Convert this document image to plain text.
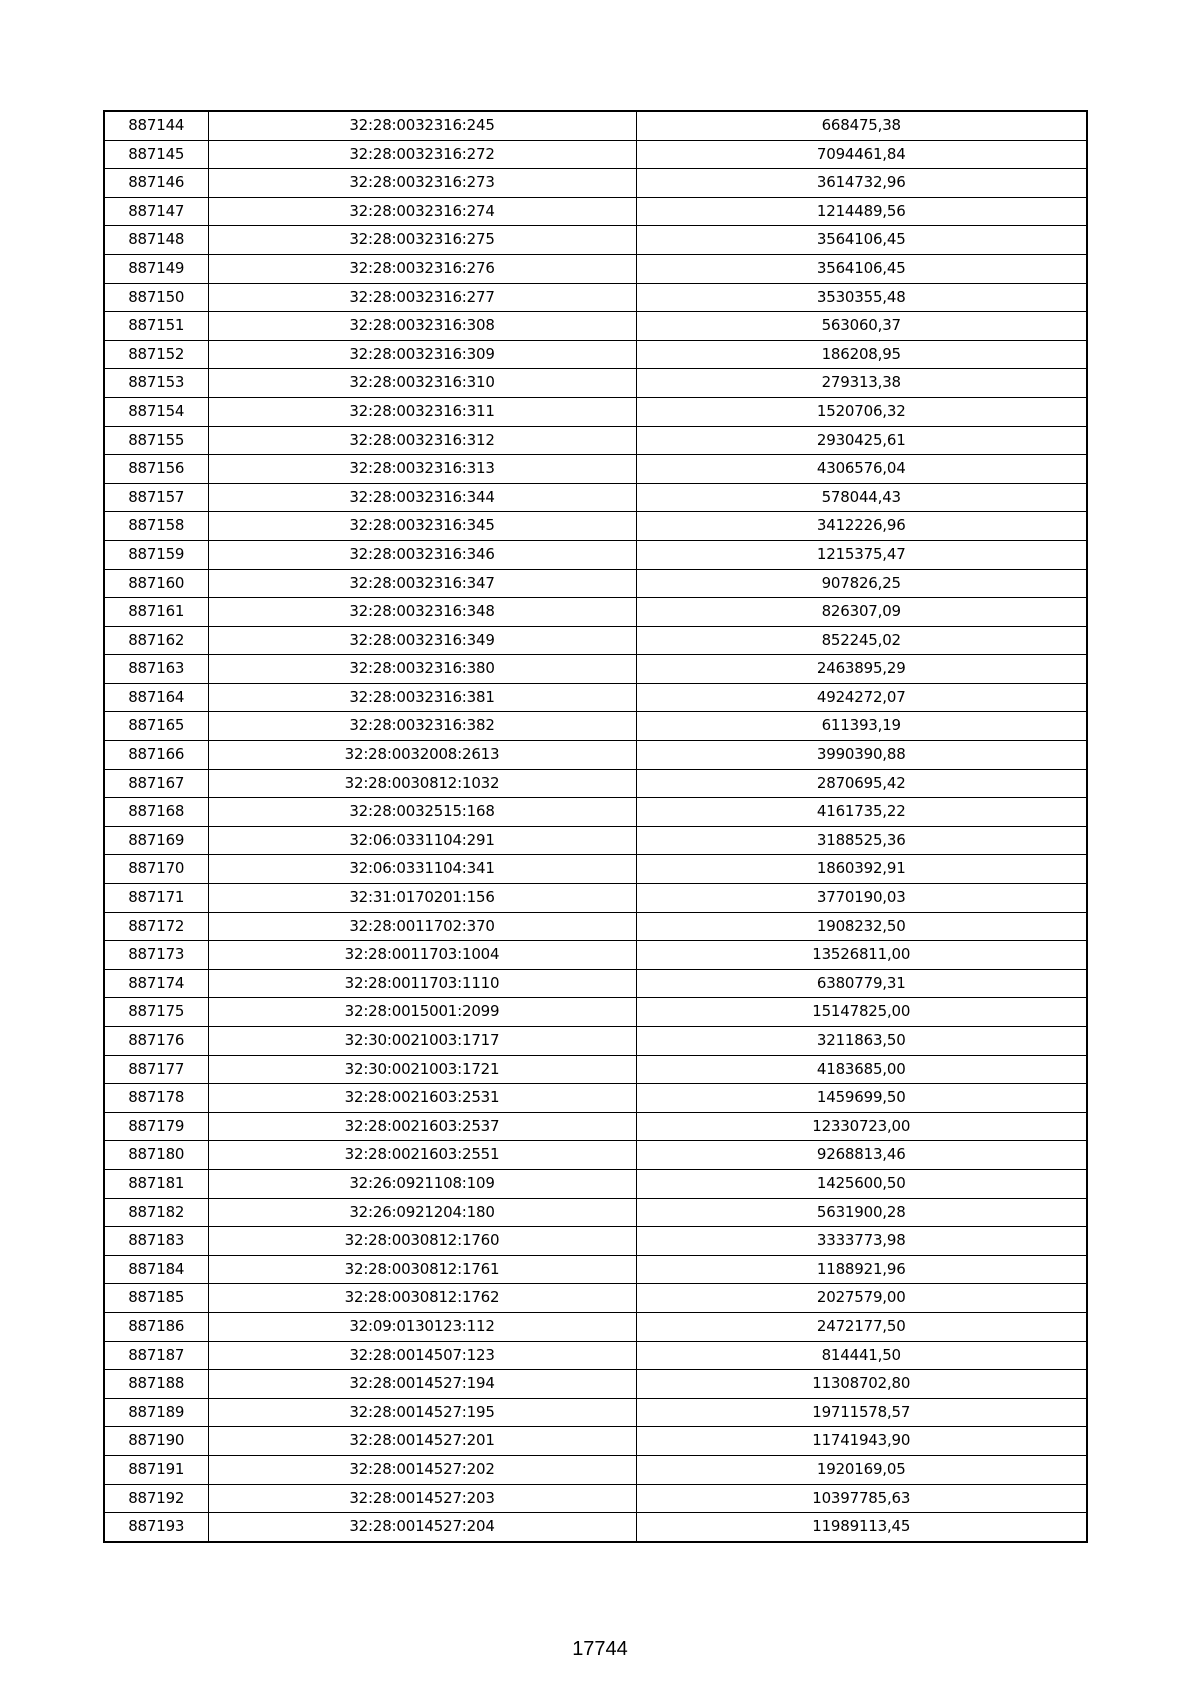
887144	32:28:0032316:245	668475,38
887145	32:28:0032316:272	7094461,84
887146	32:28:0032316:273	3614732,96
887147	32:28:0032316:274	1214489,56
887148	32:28:0032316:275	3564106,45
887149	32:28:0032316:276	3564106,45
887150	32:28:0032316:277	3530355,48
887151	32:28:0032316:308	563060,37
887152	32:28:0032316:309	186208,95
887153	32:28:0032316:310	279313,38
887154	32:28:0032316:311	1520706,32
887155	32:28:0032316:312	2930425,61
887156	32:28:0032316:313	4306576,04
887157	32:28:0032316:344	578044,43
887158	32:28:0032316:345	3412226,96
887159	32:28:0032316:346	1215375,47
887160	32:28:0032316:347	907826,25
887161	32:28:0032316:348	826307,09
887162	32:28:0032316:349	852245,02
887163	32:28:0032316:380	2463895,29
887164	32:28:0032316:381	4924272,07
887165	32:28:0032316:382	611393,19
887166	32:28:0032008:2613	3990390,88
887167	32:28:0030812:1032	2870695,42
887168	32:28:0032515:168	4161735,22
887169	32:06:0331104:291	3188525,36
887170	32:06:0331104:341	1860392,91
887171	32:31:0170201:156	3770190,03
887172	32:28:0011702:370	1908232,50
887173	32:28:0011703:1004	13526811,00
887174	32:28:0011703:1110	6380779,31
887175	32:28:0015001:2099	15147825,00
887176	32:30:0021003:1717	3211863,50
887177	32:30:0021003:1721	4183685,00
887178	32:28:0021603:2531	1459699,50
887179	32:28:0021603:2537	12330723,00
887180	32:28:0021603:2551	9268813,46
887181	32:26:0921108:109	1425600,50
887182	32:26:0921204:180	5631900,28
887183	32:28:0030812:1760	3333773,98
887184	32:28:0030812:1761	1188921,96
887185	32:28:0030812:1762	2027579,00
887186	32:09:0130123:112	2472177,50
887187	32:28:0014507:123	814441,50
887188	32:28:0014527:194	11308702,80
887189	32:28:0014527:195	19711578,57
887190	32:28:0014527:201	11741943,90
887191	32:28:0014527:202	1920169,05
887192	32:28:0014527:203	10397785,63
887193	32:28:0014527:204	11989113,45
17744
